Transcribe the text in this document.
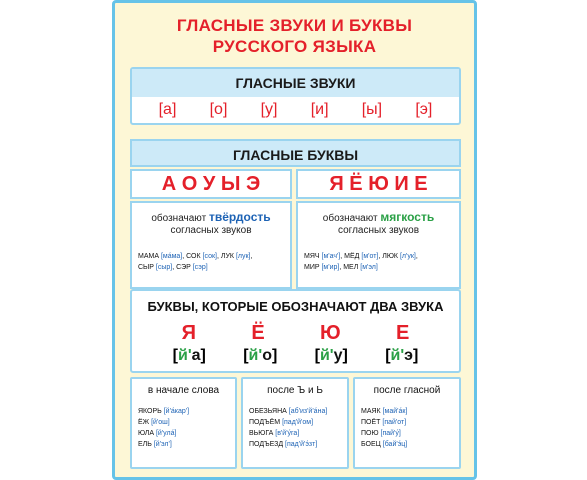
ГЛАСНЫЕ ЗВУКИ И БУКВЫ
РУССКОГО ЯЗЫКА
ГЛАСНЫЕ ЗВУКИ
[а] [о] [у] [и] [ы] [э]
ГЛАСНЫЕ БУКВЫ
А О У Ы Э	Я Ё Ю И Е
обозначают твёрдость
согласных звуков
МАМА [ма́ма], СОК [сок], ЛУК [лук],
СЫР [сыр], СЭР [сэр]
обозначают мягкость
согласных звуков
МЯЧ [м'ач'], МЁД [м'от], ЛЮК [л'ук],
МИР [м'ир], МЕЛ [м'эл]
БУКВЫ, КОТОРЫЕ ОБОЗНАЧАЮТ ДВА ЗВУКА
Я	Ё	Ю	Е
[й'а] [й'о] [й'у] [й'э]
в начале слова
ЯКОРЬ [й'а́кар']
ЁЖ [й'ош]
ЮЛА [й'ула́]
ЕЛЬ [й'эл']
после Ъ и Ь
ОБЕЗЬЯНА [аб'из'й'а́на]
ПОДЪЁМ [пад'й'ом]
ВЬЮГА [в'й'у́га]
ПОДЪЕЗД [пад'й'э́зт]
после гласной
МАЯК [май'а́к]
ПОЁТ [пай'от]
ПОЮ [пай'у́]
БОЕЦ [бай'э́ц]
